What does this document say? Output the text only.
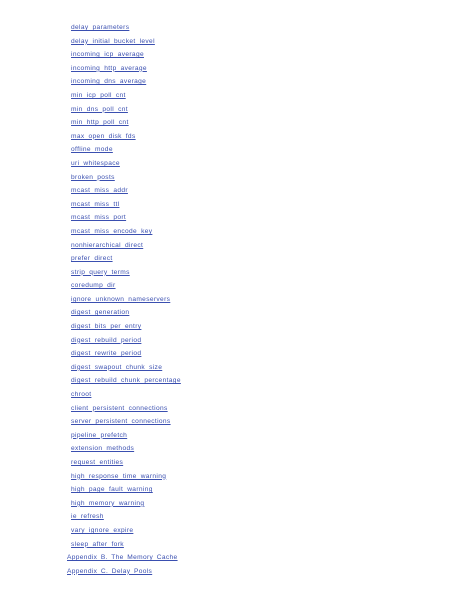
delay_parameters
delay_initial_bucket_level
incoming_icp_average
incoming_http_average
incoming_dns_average
min_icp_poll_cnt
min_dns_poll_cnt
min_http_poll_cnt
max_open_disk_fds
offline_mode
uri_whitespace
broken_posts
mcast_miss_addr
mcast_miss_ttl
mcast_miss_port
mcast_miss_encode_key
nonhierarchical_direct
prefer_direct
strip_query_terms
coredump_dir
ignore_unknown_nameservers
digest_generation
digest_bits_per_entry
digest_rebuild_period
digest_rewrite_period
digest_swapout_chunk_size
digest_rebuild_chunk_percentage
chroot
client_persistent_connections
server_persistent_connections
pipeline_prefetch
extension_methods
request_entities
high_response_time_warning
high_page_fault_warning
high_memory_warning
ie_refresh
vary_ignore_expire
sleep_after_fork
Appendix B. The Memory Cache
Appendix C. Delay Pools
